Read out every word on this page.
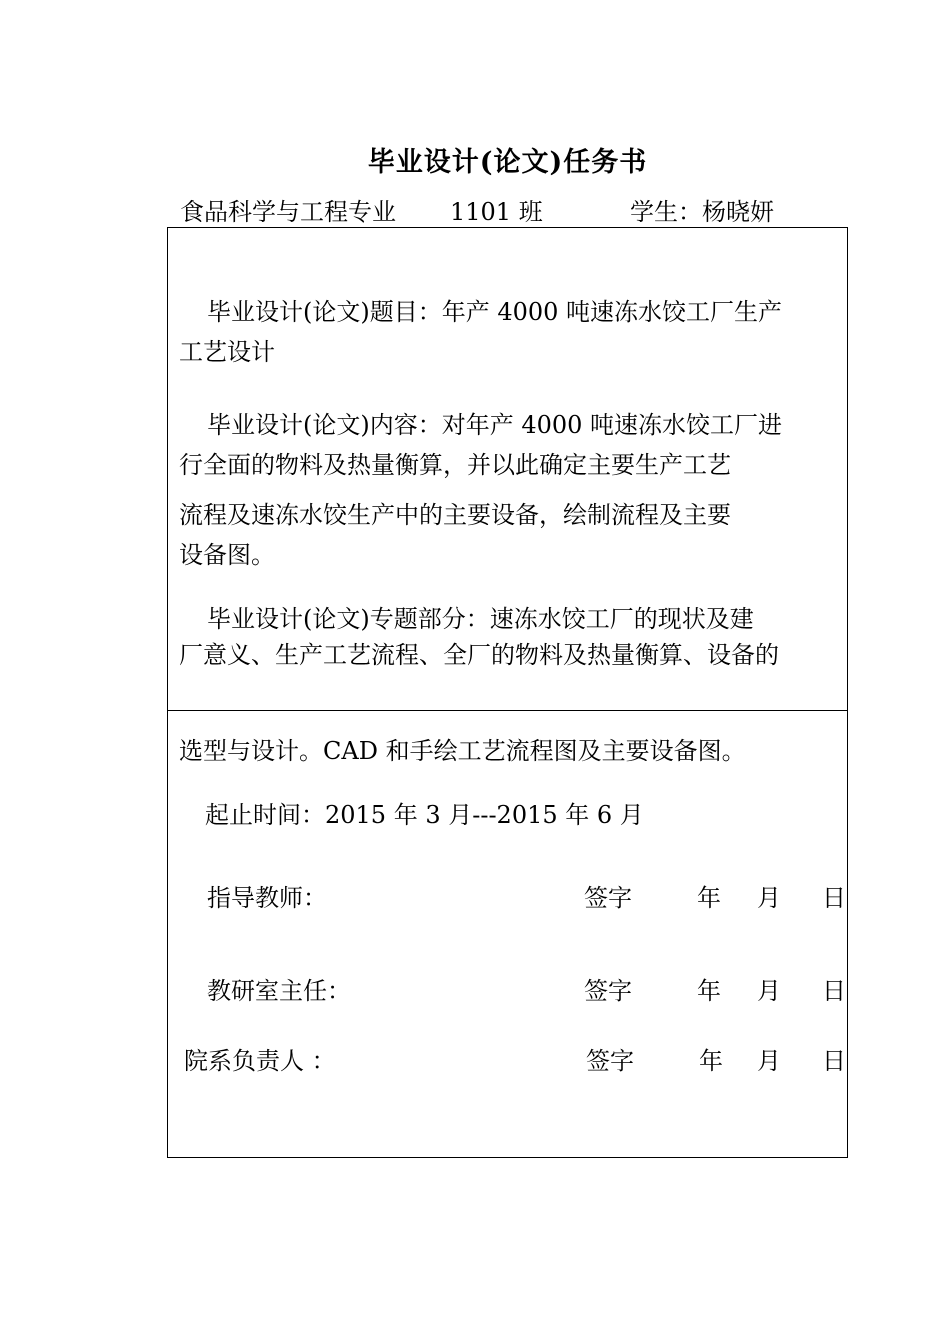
毕业设计(论文)任务书
食品科学与工程专业 1101 班	学生：杨晓妍
毕业设计(论文)题目：年产 4000 吨速冻水饺工厂生产
工艺设计
毕业设计(论文)内容：对年产 4000 吨速冻水饺工厂进
行全面的物料及热量衡算，并以此确定主要生产工艺
流程及速冻水饺生产中的主要设备，绘制流程及主要
设备图。
毕业设计(论文)专题部分：速冻水饺工厂的现状及建
厂意义、生产工艺流程、全厂的物料及热量衡算、设备的
选型与设计。CAD 和手绘工艺流程图及主要设备图。
起止时间：2015 年 3 月---2015 年 6 月
指导教师：	签字	年 月 日
教研室主任：	签字	年 月 日
院系负责人 ：	签字	年 月 日
